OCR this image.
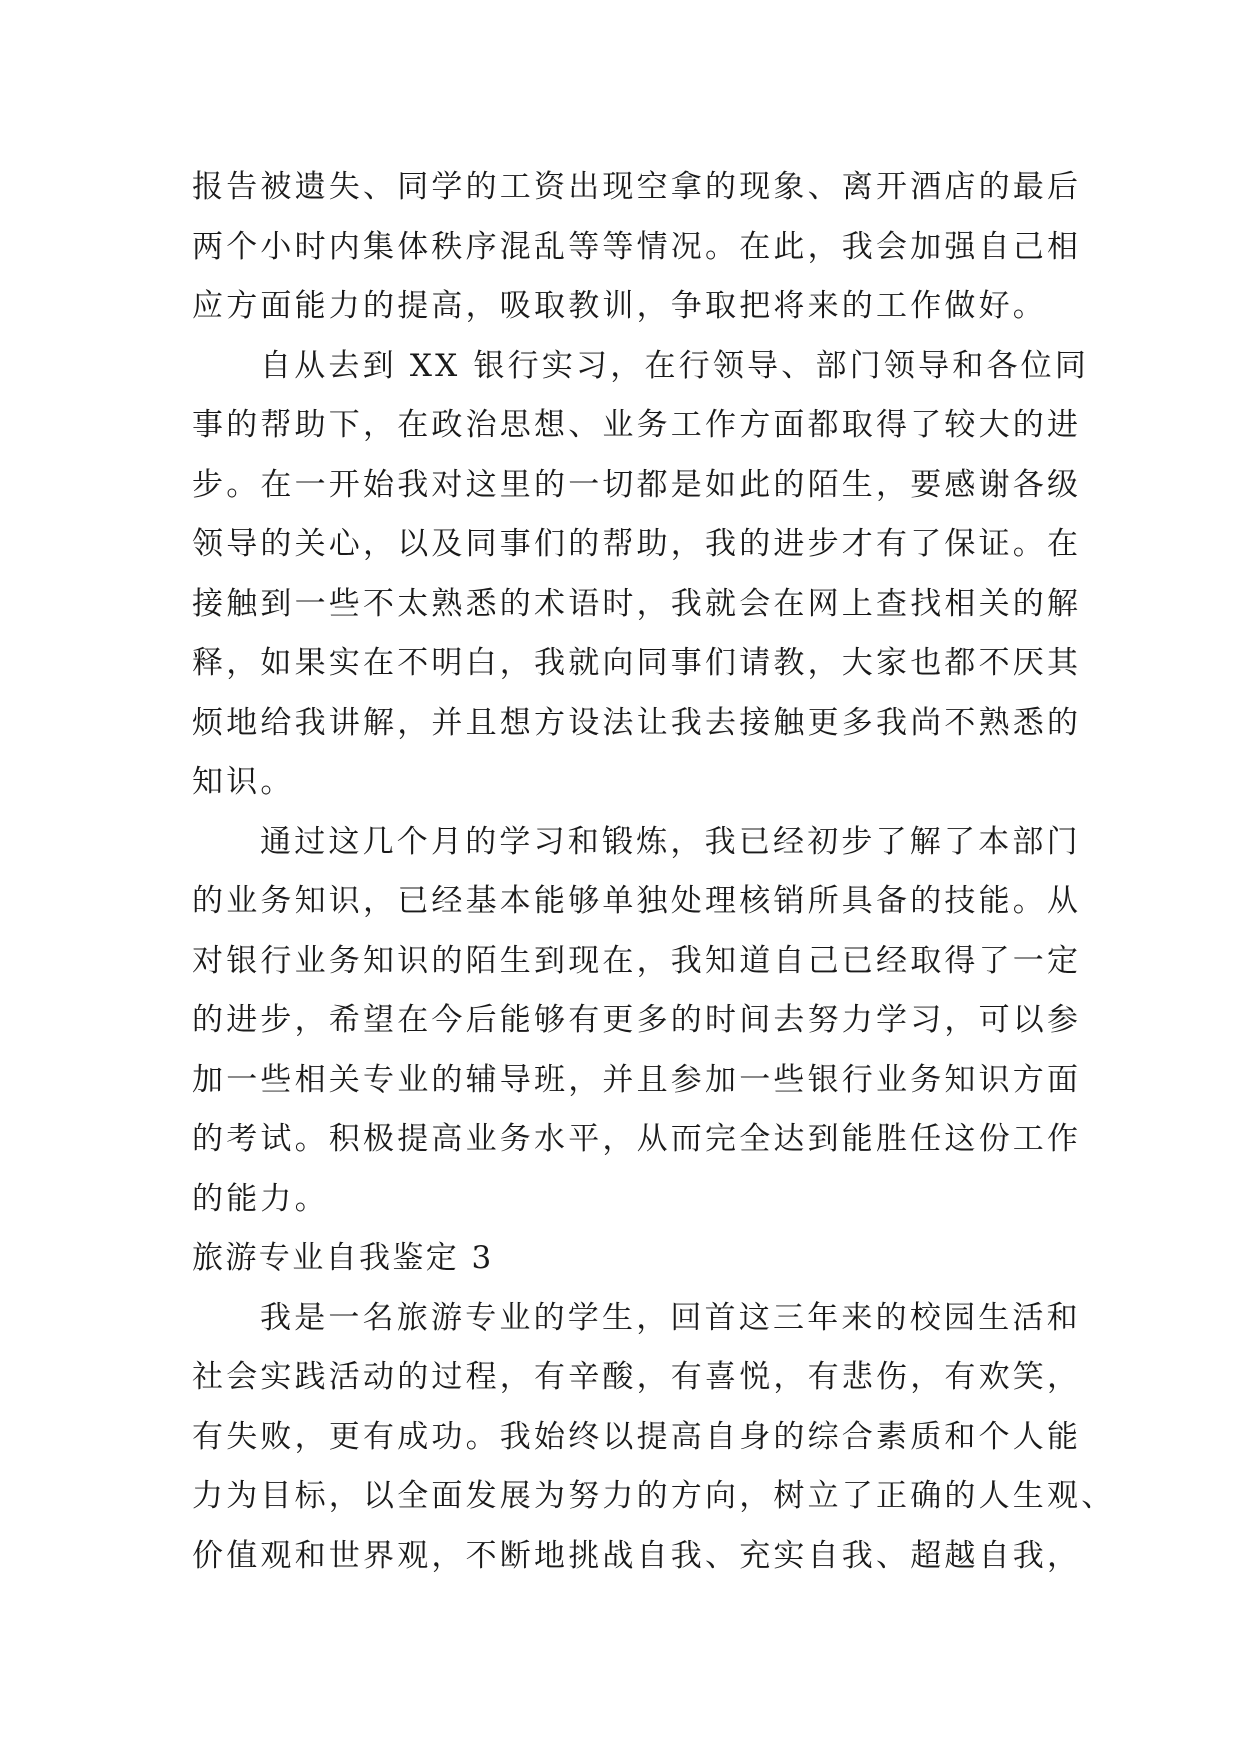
报告被遗失、同学的工资出现空拿的现象、离开酒店的最后
两个小时内集体秩序混乱等等情况。在此，我会加强自己相
应方面能力的提高，吸取教训，争取把将来的工作做好。
自从去到 XX 银行实习，在行领导、部门领导和各位同
事的帮助下，在政治思想、业务工作方面都取得了较大的进
步。在一开始我对这里的一切都是如此的陌生，要感谢各级
领导的关心，以及同事们的帮助，我的进步才有了保证。在
接触到一些不太熟悉的术语时，我就会在网上查找相关的解
释，如果实在不明白，我就向同事们请教，大家也都不厌其
烦地给我讲解，并且想方设法让我去接触更多我尚不熟悉的
知识。
通过这几个月的学习和锻炼，我已经初步了解了本部门
的业务知识，已经基本能够单独处理核销所具备的技能。从
对银行业务知识的陌生到现在，我知道自己已经取得了一定
的进步，希望在今后能够有更多的时间去努力学习，可以参
加一些相关专业的辅导班，并且参加一些银行业务知识方面
的考试。积极提高业务水平，从而完全达到能胜任这份工作
的能力。
旅游专业自我鉴定 3
我是一名旅游专业的学生，回首这三年来的校园生活和
社会实践活动的过程，有辛酸，有喜悦，有悲伤，有欢笑，
有失败，更有成功。我始终以提高自身的综合素质和个人能
力为目标，以全面发展为努力的方向，树立了正确的人生观、
价值观和世界观，不断地挑战自我、充实自我、超越自我，
